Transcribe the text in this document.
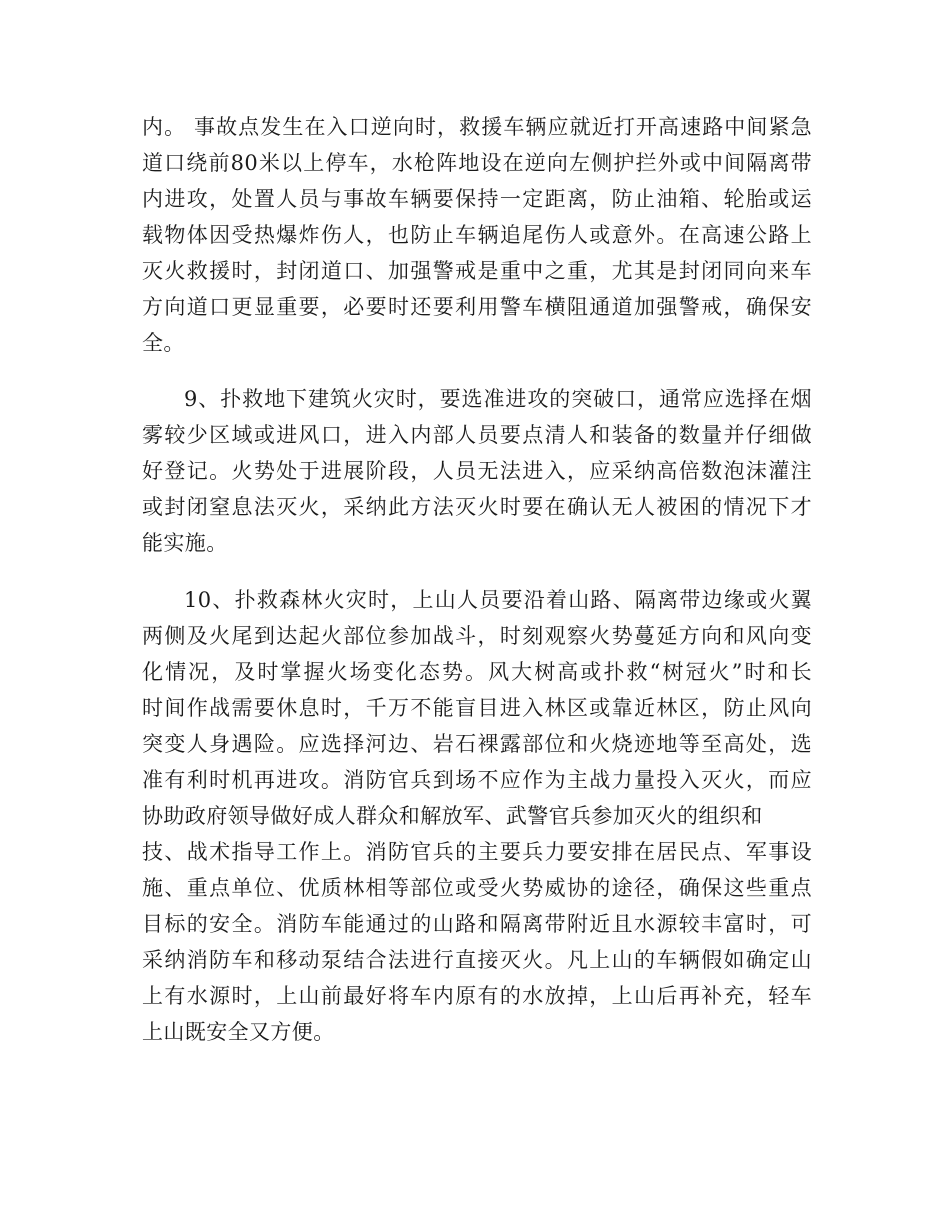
内。 事故点发生在入口逆向时，救援车辆应就近打开高速路中间紧急
道口绕前80米以上停车，水枪阵地设在逆向左侧护拦外或中间隔离带
内进攻，处置人员与事故车辆要保持一定距离，防止油箱、轮胎或运
载物体因受热爆炸伤人，也防止车辆追尾伤人或意外。在高速公路上
灭火救援时，封闭道口、加强警戒是重中之重，尤其是封闭同向来车
方向道口更显重要，必要时还要利用警车横阻通道加强警戒，确保安
全。
9、扑救地下建筑火灾时，要选准进攻的突破口，通常应选择在烟
雾较少区域或进风口，进入内部人员要点清人和装备的数量并仔细做
好登记。火势处于进展阶段，人员无法进入，应采纳高倍数泡沫灌注
或封闭窒息法灭火，采纳此方法灭火时要在确认无人被困的情况下才
能实施。
10、扑救森林火灾时，上山人员要沿着山路、隔离带边缘或火翼
两侧及火尾到达起火部位参加战斗，时刻观察火势蔓延方向和风向变
化情况，及时掌握火场变化态势。风大树高或扑救“树冠火”时和长
时间作战需要休息时，千万不能盲目进入林区或靠近林区，防止风向
突变人身遇险。应选择河边、岩石裸露部位和火烧迹地等至高处，选
准有利时机再进攻。消防官兵到场不应作为主战力量投入灭火，而应
协助政府领导做好成人群众和解放军、武警官兵参加灭火的组织和
技、战术指导工作上。消防官兵的主要兵力要安排在居民点、军事设
施、重点单位、优质林相等部位或受火势威协的途径，确保这些重点
目标的安全。消防车能通过的山路和隔离带附近且水源较丰富时，可
采纳消防车和移动泵结合法进行直接灭火。凡上山的车辆假如确定山
上有水源时，上山前最好将车内原有的水放掉，上山后再补充，轻车
上山既安全又方便。
